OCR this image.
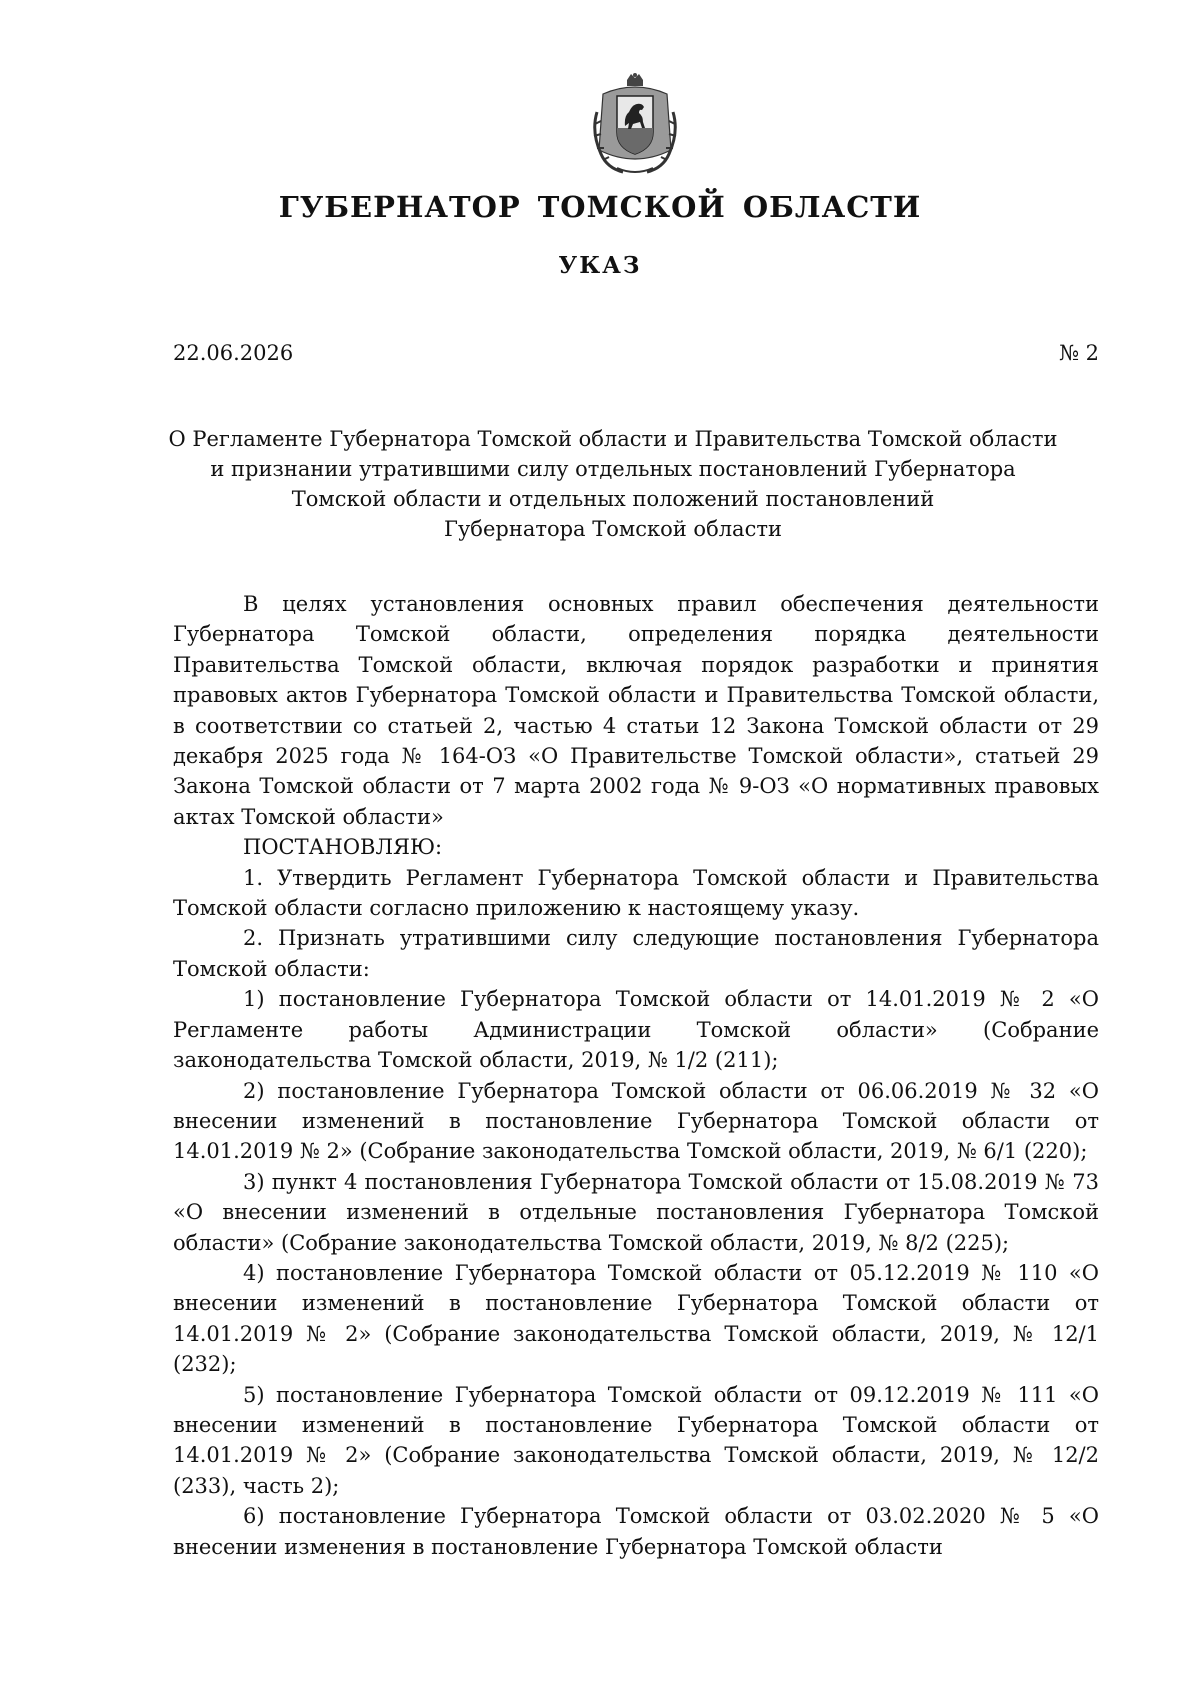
ГУБЕРНАТОР ТОМСКОЙ ОБЛАСТИ
УКАЗ
22.06.2026	№ 2
О Регламенте Губернатора Томской области и Правительства Томской области
и признании утратившими силу отдельных постановлений Губернатора
Томской области и отдельных положений постановлений
Губернатора Томской области

В целях установления основных правил обеспечения деятельности Губернатора Томской области, определения порядка деятельности Правительства Томской области, включая порядок разработки и принятия правовых актов Губернатора Томской области и Правительства Томской области, в соответствии со статьей 2, частью 4 статьи 12 Закона Томской области от 29 декабря 2025 года № 164-ОЗ «О Правительстве Томской области», статьей 29 Закона Томской области от 7 марта 2002 года № 9-ОЗ «О нормативных правовых актах Томской области»

ПОСТАНОВЛЯЮ:

1. Утвердить Регламент Губернатора Томской области и Правительства Томской области согласно приложению к настоящему указу.

2. Признать утратившими силу следующие постановления Губернатора Томской области:

1) постановление Губернатора Томской области от 14.01.2019 № 2 «О Регламенте работы Администрации Томской области» (Собрание законодательства Томской области, 2019, № 1/2 (211);

2) постановление Губернатора Томской области от 06.06.2019 № 32 «О внесении изменений в постановление Губернатора Томской области от 14.01.2019 № 2» (Собрание законодательства Томской области, 2019, № 6/1 (220);

3) пункт 4 постановления Губернатора Томской области от 15.08.2019 № 73 «О внесении изменений в отдельные постановления Губернатора Томской области» (Собрание законодательства Томской области, 2019, № 8/2 (225);

4) постановление Губернатора Томской области от 05.12.2019 № 110 «О внесении изменений в постановление Губернатора Томской области от 14.01.2019 № 2» (Собрание законодательства Томской области, 2019, № 12/1 (232);

5) постановление Губернатора Томской области от 09.12.2019 № 111 «О внесении изменений в постановление Губернатора Томской области от 14.01.2019 № 2» (Собрание законодательства Томской области, 2019, № 12/2 (233), часть 2);

6) постановление Губернатора Томской области от 03.02.2020 № 5 «О внесении изменения в постановление Губернатора Томской области
